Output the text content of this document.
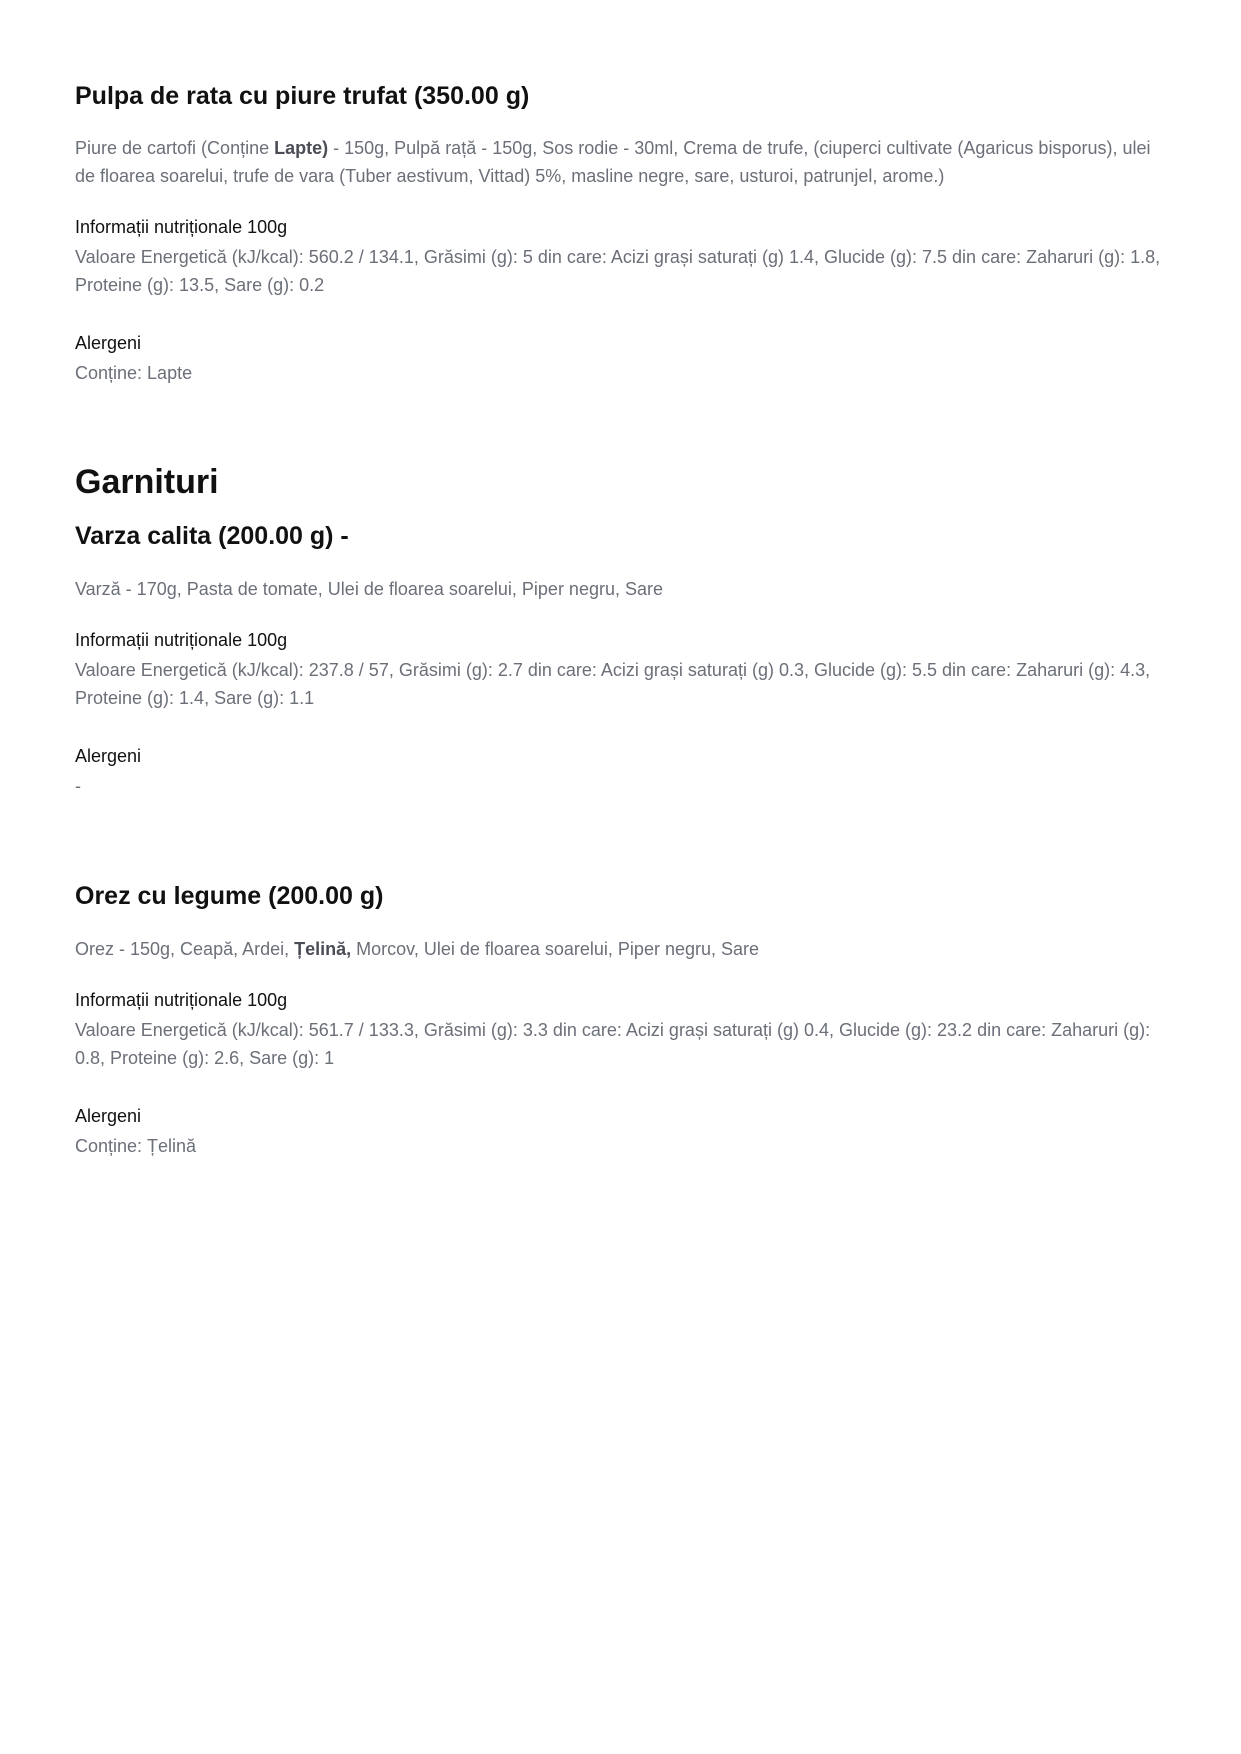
Pulpa de rata cu piure trufat (350.00 g)

Piure de cartofi (Conține Lapte) - 150g, Pulpă rață - 150g, Sos rodie - 30ml, Crema de trufe, (ciuperci cultivate (Agaricus bisporus), ulei de floarea soarelui, trufe de vara (Tuber aestivum, Vittad) 5%, masline negre, sare, usturoi, patrunjel, arome.)

Informații nutriționale 100g

Valoare Energetică (kJ/kcal): 560.2 / 134.1, Grăsimi (g): 5 din care: Acizi grași saturați (g) 1.4, Glucide (g): 7.5 din care: Zaharuri (g): 1.8, Proteine (g): 13.5, Sare (g): 0.2

Alergeni

Conține: Lapte

Garnituri
Varza calita (200.00 g) -

Varză - 170g, Pasta de tomate, Ulei de floarea soarelui, Piper negru, Sare

Informații nutriționale 100g

Valoare Energetică (kJ/kcal): 237.8 / 57, Grăsimi (g): 2.7 din care: Acizi grași saturați (g) 0.3, Glucide (g): 5.5 din care: Zaharuri (g): 4.3, Proteine (g): 1.4, Sare (g): 1.1

Alergeni

-

Orez cu legume (200.00 g)

Orez - 150g, Ceapă, Ardei, Țelină, Morcov, Ulei de floarea soarelui, Piper negru, Sare

Informații nutriționale 100g

Valoare Energetică (kJ/kcal): 561.7 / 133.3, Grăsimi (g): 3.3 din care: Acizi grași saturați (g) 0.4, Glucide (g): 23.2 din care: Zaharuri (g): 0.8, Proteine (g): 2.6, Sare (g): 1

Alergeni

Conține: Țelină
